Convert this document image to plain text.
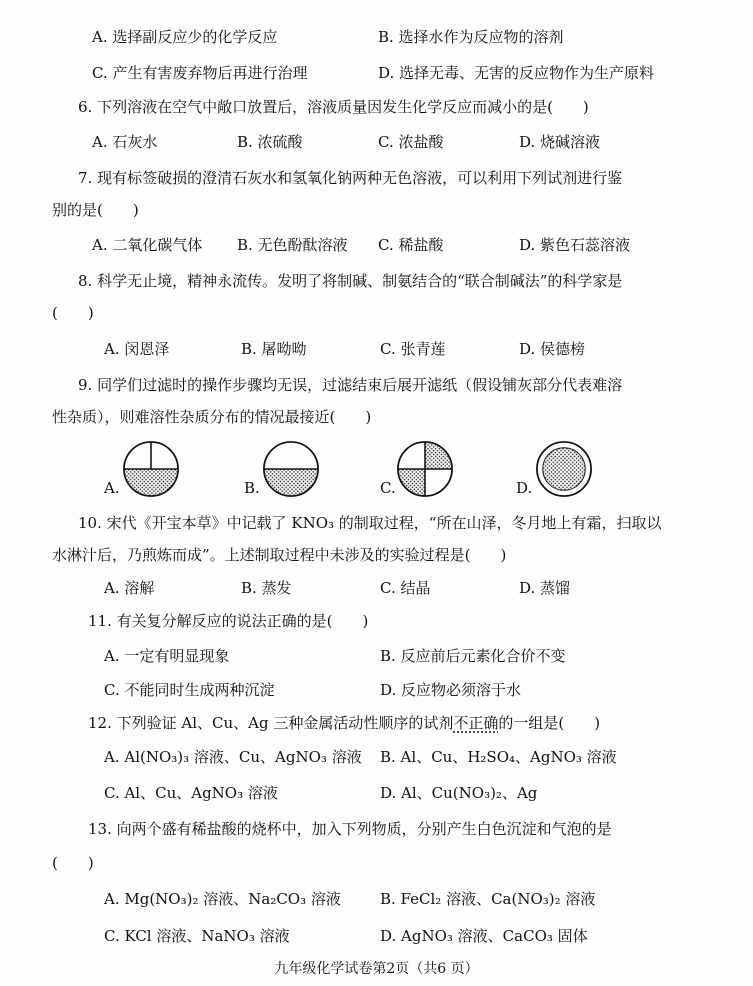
A. 选择副反应少的化学反应	B. 选择水作为反应物的溶剂
C. 产生有害废弃物后再进行治理	D. 选择无毒、无害的反应物作为生产原料
6. 下列溶液在空气中敞口放置后，溶液质量因发生化学反应而减小的是(　　)
A. 石灰水	B. 浓硫酸	C. 浓盐酸	D. 烧碱溶液
7. 现有标签破损的澄清石灰水和氢氧化钠两种无色溶液，可以利用下列试剂进行鉴
别的是(　　)
A. 二氧化碳气体 B. 无色酚酞溶液 C. 稀盐酸	D. 紫色石蕊溶液
8. 科学无止境，精神永流传。发明了将制碱、制氨结合的“联合制碱法”的科学家是
(　　)
A. 闵恩泽	B. 屠呦呦	C. 张青莲	D. 侯德榜
9. 同学们过滤时的操作步骤均无误，过滤结束后展开滤纸（假设铺灰部分代表难溶
性杂质），则难溶性杂质分布的情况最接近(　　)
A.	B.	C.	D.
10. 宋代《开宝本草》中记载了 KNO₃ 的制取过程，“所在山泽，冬月地上有霜，扫取以
水淋汁后，乃煎炼而成”。上述制取过程中未涉及的实验过程是(　　)
A. 溶解	B. 蒸发	C. 结晶	D. 蒸馏
11. 有关复分解反应的说法正确的是(　　)
A. 一定有明显现象	B. 反应前后元素化合价不变
C. 不能同时生成两种沉淀	D. 反应物必须溶于水
12. 下列验证 Al、Cu、Ag 三种金属活动性顺序的试剂不正确的一组是(　　)
A. Al(NO₃)₃ 溶液、Cu、AgNO₃ 溶液 B. Al、Cu、H₂SO₄、AgNO₃ 溶液
C. Al、Cu、AgNO₃ 溶液	D. Al、Cu(NO₃)₂、Ag
13. 向两个盛有稀盐酸的烧杯中，加入下列物质，分别产生白色沉淀和气泡的是
(　　)
A. Mg(NO₃)₂ 溶液、Na₂CO₃ 溶液	B. FeCl₂ 溶液、Ca(NO₃)₂ 溶液
C. KCl 溶液、NaNO₃ 溶液	D. AgNO₃ 溶液、CaCO₃ 固体
九年级化学试卷第2页（共6 页）
